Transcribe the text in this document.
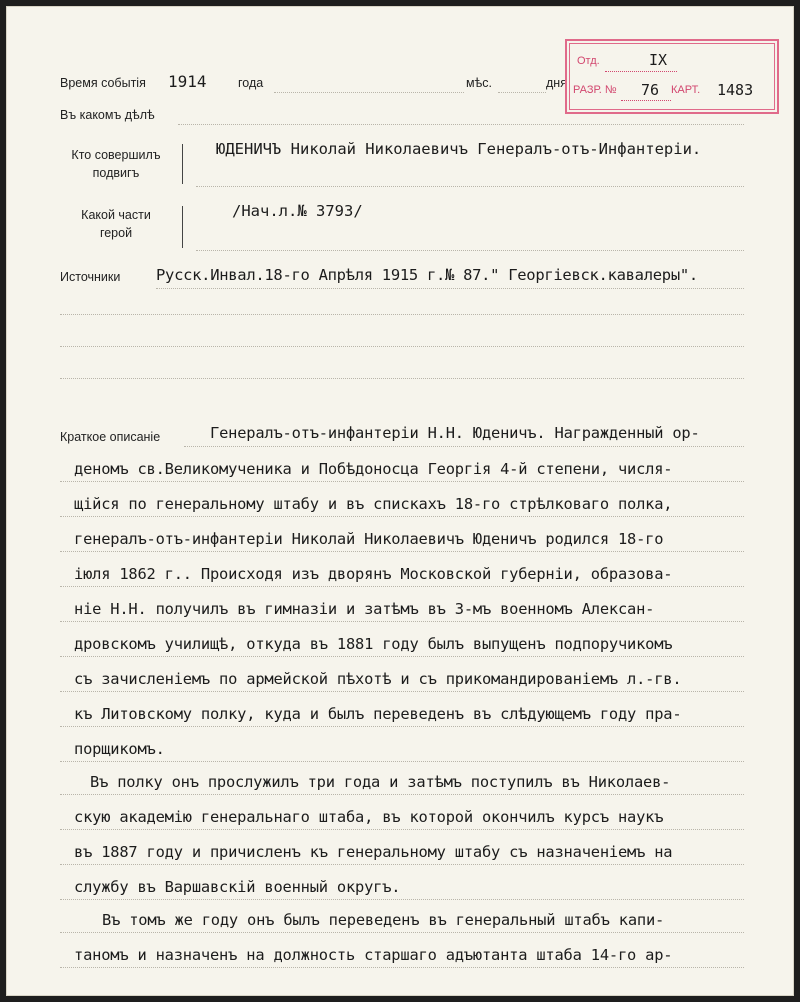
Время событія 1914	года	мѣс.	дня
Отд.	IX
РАЗР. № 76 КАРТ. 1483
Въ какомъ дѣлѣ
Кто совершилъ
подвигъ
ЮДЕНИЧЪ Николай Николаевичъ Генералъ-отъ-Инфантеріи.
Какой части
герой
/Нач.л.№ 3793/
Источники Русск.Инвал.18-го Апрѣля 1915 г.№ 87." Георгіевск.кавалеры".
Краткое описаніе	Генералъ-отъ-инфантеріи Н.Н. Юденичъ. Награжденный ор-
деномъ св.Великомученика и Побѣдоносца Георгія 4-й степени, числя-
щійся по генеральному штабу и въ спискахъ 18-го стрѣлковаго полка,
генералъ-отъ-инфантеріи Николай Николаевичъ Юденичъ родился 18-го
іюля 1862 г.. Происходя изъ дворянъ Московской губерніи, образова-
ніе Н.Н. получилъ въ гимназіи и затѣмъ въ 3-мъ военномъ Алексан-
дровскомъ училищѣ, откуда въ 1881 году былъ выпущенъ подпоручикомъ
съ зачисленіемъ по армейской пѣхотѣ и съ прикомандированіемъ л.-гв.
къ Литовскому полку, куда и былъ переведенъ въ слѣдующемъ году пра-
порщикомъ.
Въ полку онъ прослужилъ три года и затѣмъ поступилъ въ Николаев-
скую академію генеральнаго штаба, въ которой окончилъ курсъ наукъ
въ 1887 году и причисленъ къ генеральному штабу съ назначеніемъ на
службу въ Варшавскій военный округъ.
Въ томъ же году онъ былъ переведенъ въ генеральный штабъ капи-
таномъ и назначенъ на должность старшаго адъютанта штаба 14-го ар-
